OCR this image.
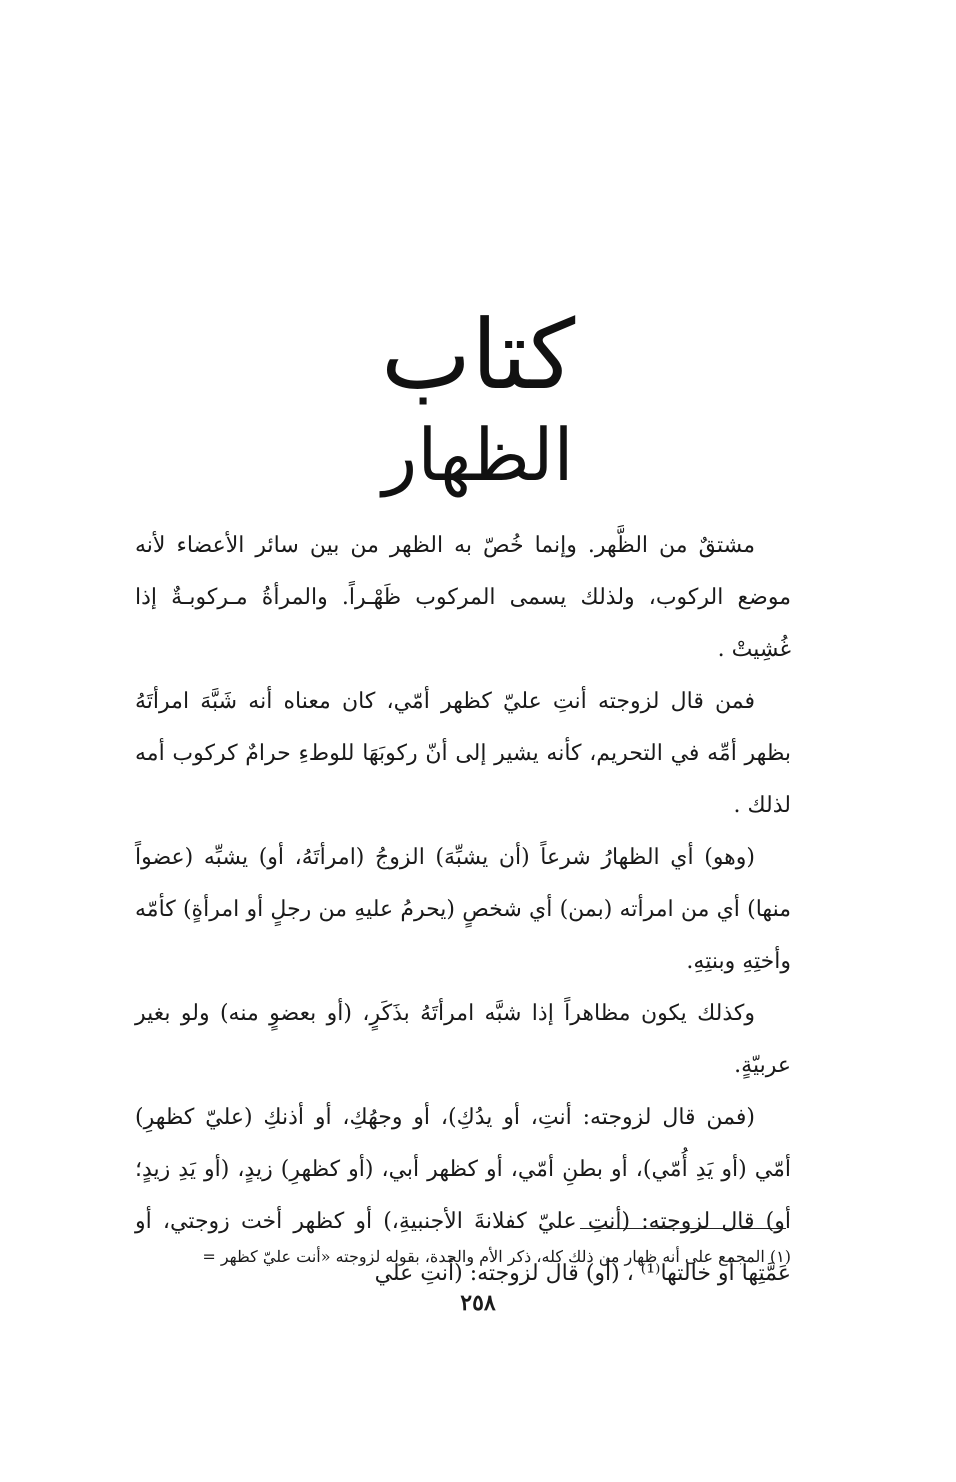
كتاب
الظهار

مشتقٌ من الظَّهر. وإنما خُصّ به الظهر من بين سائر الأعضاء لأنه موضع الركوب، ولذلك يسمى المركوب ظَهْـراً. والمرأةُ مـركوبـةٌ إذا غُشِيتْ .

فمن قال لزوجته أنتِ عليّ كظهر أمّي، كان معناه أنه شَبَّهَ امرأتَهُ بظهر أمِّه في التحريم، كأنه يشير إلى أنّ ركوبَهَا للوطءِ حرامٌ كركوب أمه لذلك .

(وهو) أي الظهارُ شرعاً (أن يشبِّهَ) الزوجُ (امرأتَهُ، أو) يشبِّه (عضواً منها) أي من امرأته (بمن) أي شخصٍ (يحرمُ عليهِ من رجلٍ أو امرأةٍ) كأمّه وأختِهِ وبنتِهِ.

وكذلك يكون مظاهراً إذا شبَّه امرأتَهُ بذَكَرٍ، (أو بعضوٍ منه) ولو بغير عربيّةٍ.

(فمن قال لزوجته: أنتِ، أو يدُكِ)، أو وجهُكِ، أو أذنكِ (عليّ كظهرِ) أمّي (أو يَدِ أُمّي)، أو بطنِ أمّي، أو كظهر أبي، (أو كظهرِ) زيدٍ، (أو يَدِ زيدٍ؛ أو) قال لزوجته: (أنتِ عليّ كفلانةَ الأجنبيةِ،) أو كظهر أخت زوجتي، أو عَمَّتِها أو خالتها⁽¹⁾ ، (أو) قال لزوجته: (أنتِ علي

(١) المجمع على أنه ظهار من ذلك كله، ذكر الأم والجدة، بقوله لزوجته «أنت عليّ كظهر =
٢٥٨
